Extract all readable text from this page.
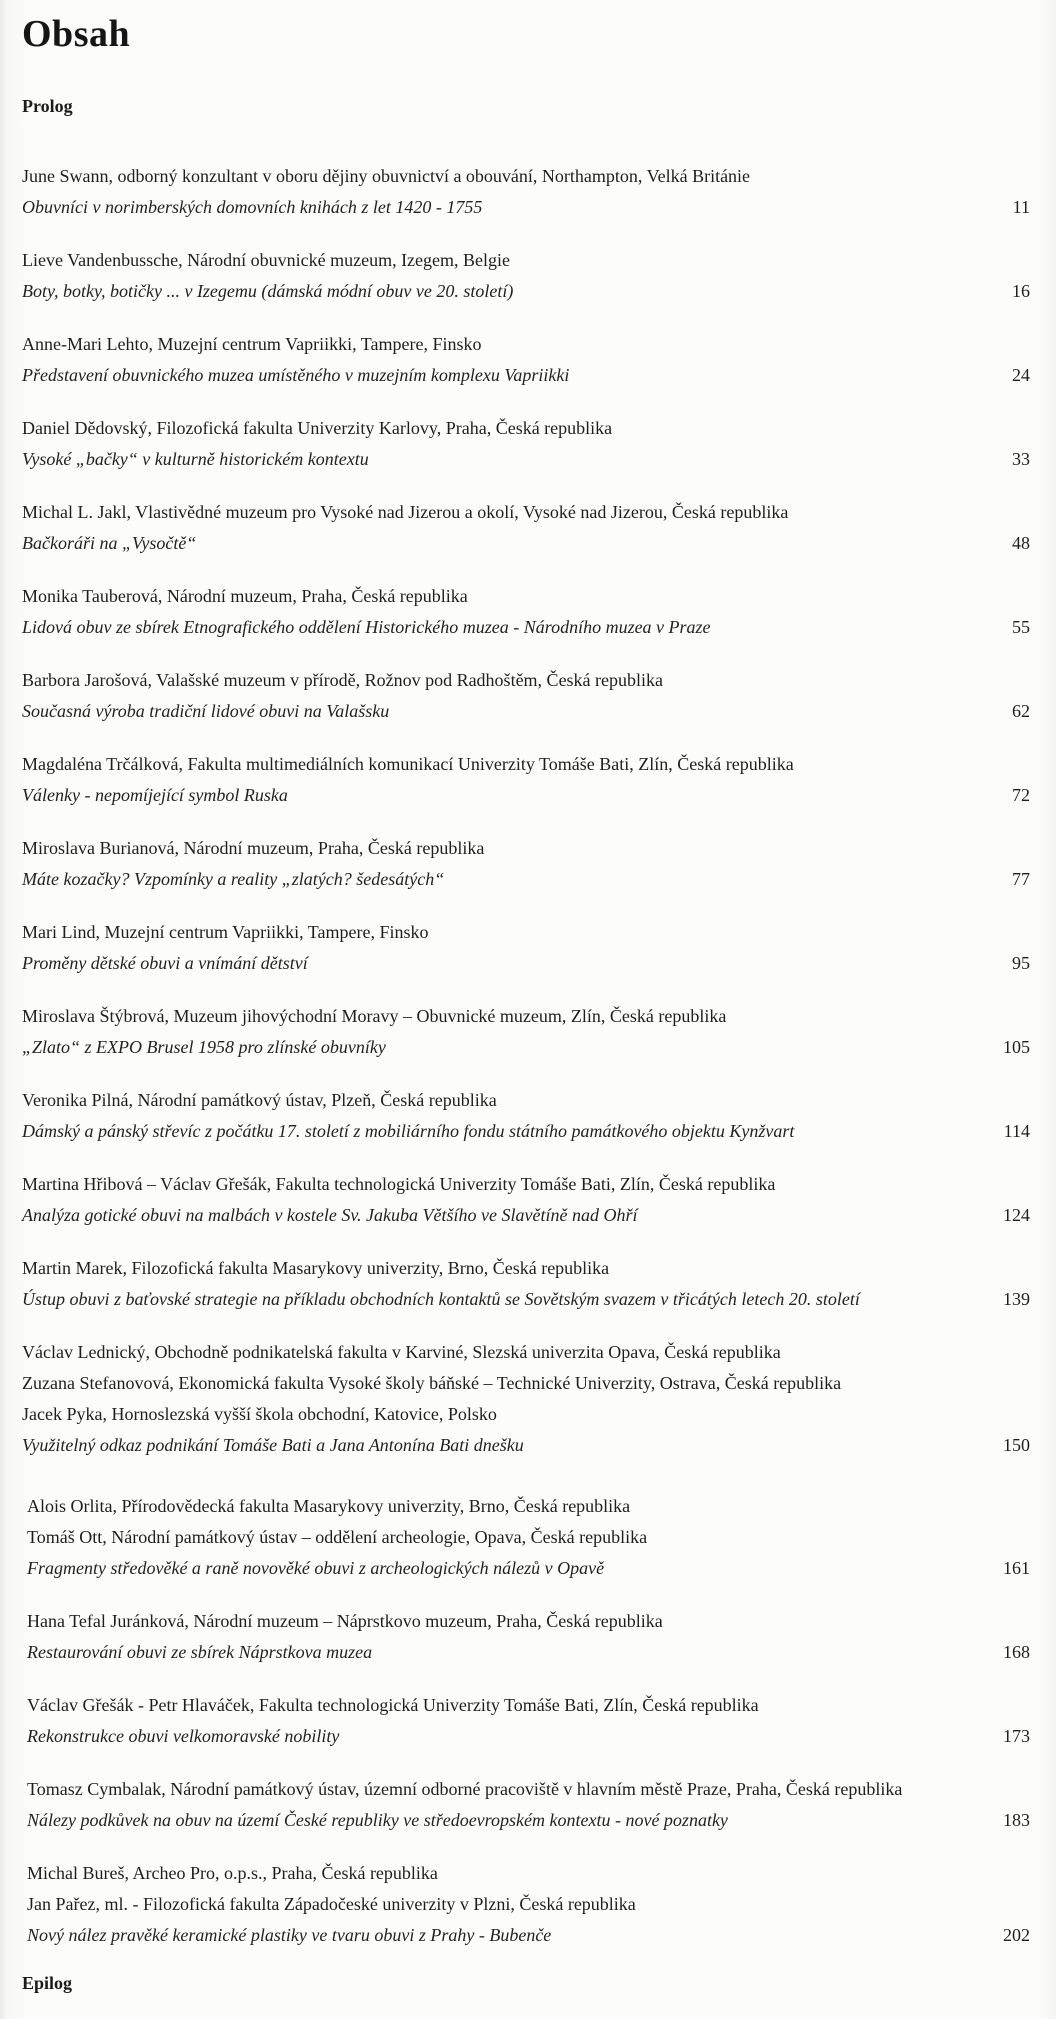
Obsah
Prolog
June Swann, odborný konzultant v oboru dějiny obuvnictví a obouvání, Northampton, Velká Británie
Obuvníci v norimberských domovních knihách z let 1420 - 1755	11
Lieve Vandenbussche, Národní obuvnické muzeum, Izegem, Belgie
Boty, botky, botičky ... v Izegemu (dámská módní obuv ve 20. století)	16
Anne-Mari Lehto, Muzejní centrum Vapriikki, Tampere, Finsko
Představení obuvnického muzea umístěného v muzejním komplexu Vapriikki	24
Daniel Dědovský, Filozofická fakulta Univerzity Karlovy, Praha, Česká republika
Vysoké „bačky“ v kulturně historickém kontextu	33
Michal L. Jakl, Vlastivědné muzeum pro Vysoké nad Jizerou a okolí, Vysoké nad Jizerou, Česká republika
Bačkoráři na „Vysočtě“	48
Monika Tauberová, Národní muzeum, Praha, Česká republika
Lidová obuv ze sbírek Etnografického oddělení Historického muzea - Národního muzea v Praze	55
Barbora Jarošová, Valašské muzeum v přírodě, Rožnov pod Radhoštěm, Česká republika
Současná výroba tradiční lidové obuvi na Valašsku	62
Magdaléna Trčálková, Fakulta multimediálních komunikací Univerzity Tomáše Bati, Zlín, Česká republika
Válenky - nepomíjející symbol Ruska	72
Miroslava Burianová, Národní muzeum, Praha, Česká republika
Máte kozačky? Vzpomínky a reality „zlatých? šedesátých“	77
Mari Lind, Muzejní centrum Vapriikki, Tampere, Finsko
Proměny dětské obuvi a vnímání dětství	95
Miroslava Štýbrová, Muzeum jihovýchodní Moravy – Obuvnické muzeum, Zlín, Česká republika
„Zlato“ z EXPO Brusel 1958 pro zlínské obuvníky	105
Veronika Pilná, Národní památkový ústav, Plzeň, Česká republika
Dámský a pánský střevíc z počátku 17. století z mobiliárního fondu státního památkového objektu Kynžvart	114
Martina Hřibová – Václav Gřešák, Fakulta technologická Univerzity Tomáše Bati, Zlín, Česká republika
Analýza gotické obuvi na malbách v kostele Sv. Jakuba Většího ve Slavětíně nad Ohří	124
Martin Marek, Filozofická fakulta Masarykovy univerzity, Brno, Česká republika
Ústup obuvi z baťovské strategie na příkladu obchodních kontaktů se Sovětským svazem v třicátých letech 20. století	139
Václav Lednický, Obchodně podnikatelská fakulta v Karviné, Slezská univerzita Opava, Česká republika
Zuzana Stefanovová, Ekonomická fakulta Vysoké školy báňské – Technické Univerzity, Ostrava, Česká republika
Jacek Pyka, Hornoslezská vyšší škola obchodní, Katovice, Polsko
Využitelný odkaz podnikání Tomáše Bati a Jana Antonína Bati dnešku	150
Alois Orlita, Přírodovědecká fakulta Masarykovy univerzity, Brno, Česká republika
Tomáš Ott, Národní památkový ústav – oddělení archeologie, Opava, Česká republika
Fragmenty středověké a raně novověké obuvi z archeologických nálezů v Opavě	161
Hana Tefal Juránková, Národní muzeum – Náprstkovo muzeum, Praha, Česká republika
Restaurování obuvi ze sbírek Náprstkova muzea	168
Václav Gřešák - Petr Hlaváček, Fakulta technologická Univerzity Tomáše Bati, Zlín, Česká republika
Rekonstrukce obuvi velkomoravské nobility	173
Tomasz Cymbalak, Národní památkový ústav, územní odborné pracoviště v hlavním městě Praze, Praha, Česká republika
Nálezy podkůvek na obuv na území České republiky ve středoevropském kontextu - nové poznatky	183
Michal Bureš, Archeo Pro, o.p.s., Praha, Česká republika
Jan Pařez, ml. - Filozofická fakulta Západočeské univerzity v Plzni, Česká republika
Nový nález pravěké keramické plastiky ve tvaru obuvi z Prahy - Bubenče	202
Epilog
